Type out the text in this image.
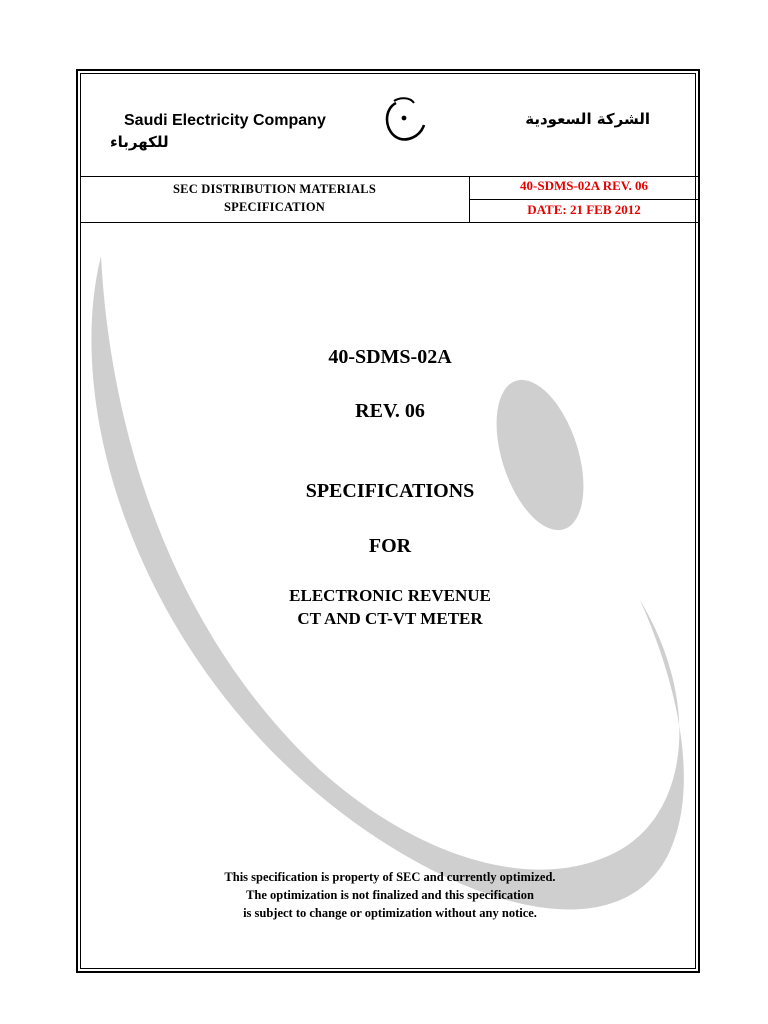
Saudi Electricity Company

للكهرباء

الشركة السعودية

SEC DISTRIBUTION MATERIALS
SPECIFICATION
40-SDMS-02A REV. 06
DATE: 21 FEB 2012
40-SDMS-02A
REV. 06
SPECIFICATIONS
FOR
ELECTRONIC REVENUE
CT AND CT-VT METER
This specification is property of SEC and currently optimized.
The optimization is not finalized and this specification
is subject to change or optimization without any notice.
